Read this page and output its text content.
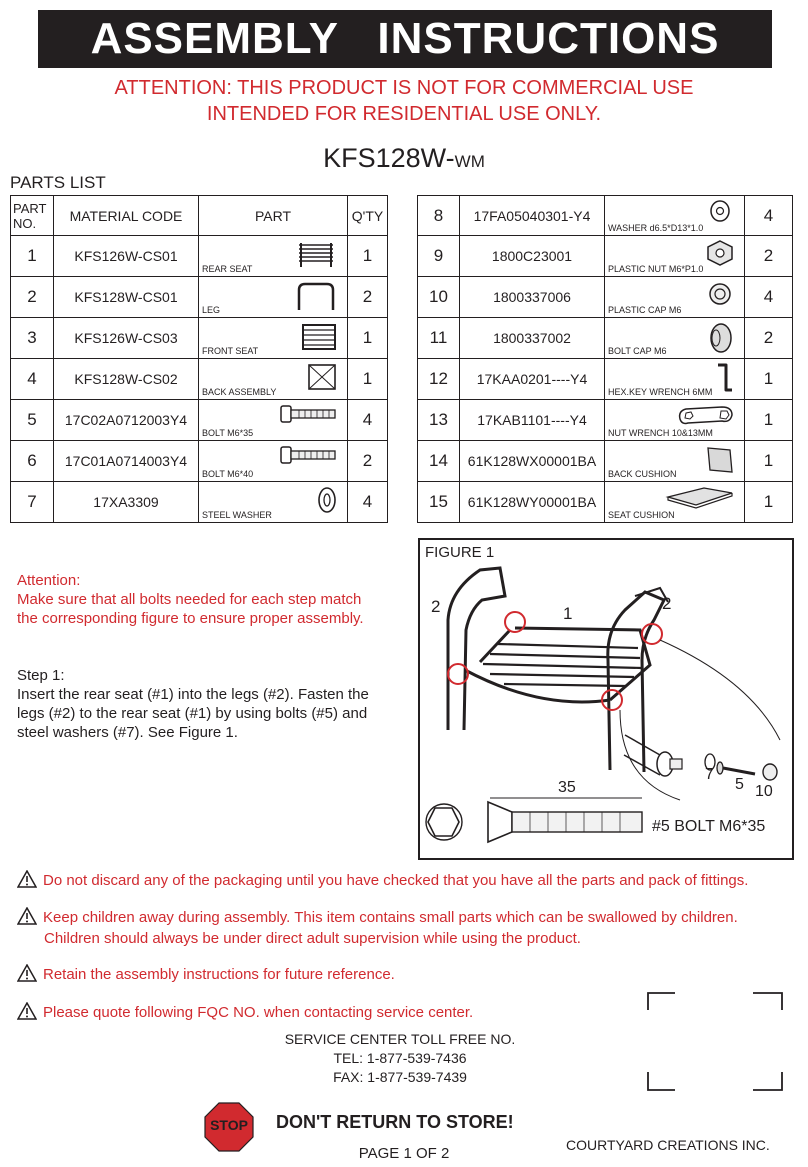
ASSEMBLY INSTRUCTIONS
ATTENTION: THIS PRODUCT IS NOT FOR COMMERCIAL USE
INTENDED FOR RESIDENTIAL USE ONLY.
KFS128W-WM
PARTS LIST
PART NO.	MATERIAL CODE	PART	Q'TY
1	KFS126W-CS01	REAR SEAT	1
2	KFS128W-CS01	LEG	2
3	KFS126W-CS03	FRONT SEAT	1
4	KFS128W-CS02	BACK ASSEMBLY	1
5	17C02A0712003Y4	BOLT M6*35	4
6	17C01A0714003Y4	BOLT M6*40	2
7	17XA3309	STEEL WASHER	4
8	17FA05040301-Y4	WASHER d6.5*D13*1.0	4
9	1800C23001	PLASTIC NUT M6*P1.0	2
10	1800337006	PLASTIC CAP M6	4
11	1800337002	BOLT CAP M6	2
12	17KAA0201----Y4	HEX.KEY WRENCH 6MM	1
13	17KAB1101----Y4	NUT WRENCH 10&13MM	1
14	61K128WX00001BA	BACK CUSHION	1
15	61K128WY00001BA	SEAT CUSHION	1
Attention:
Make sure that all bolts needed for each step match
the corresponding figure to ensure proper assembly.
Step 1:
Insert the rear seat (#1) into the legs (#2). Fasten the
legs (#2) to the rear seat (#1) by using bolts (#5) and
steel washers (#7). See Figure 1.
FIGURE 1
2	1
2
7
5 10
35
#5 BOLT M6*35
Do not discard any of the packaging until you have checked that you have all the parts and pack of fittings.
Keep children away during assembly. This item contains small parts which can be swallowed by children.
Children should always be under direct adult supervision while using the product.
Retain the assembly instructions for future reference.
Please quote following FQC NO. when contacting service center.
SERVICE CENTER TOLL FREE NO.
TEL: 1-877-539-7436
FAX: 1-877-539-7439
STOP	DON'T RETURN TO STORE!
PAGE 1 OF 2	COURTYARD CREATIONS INC.
